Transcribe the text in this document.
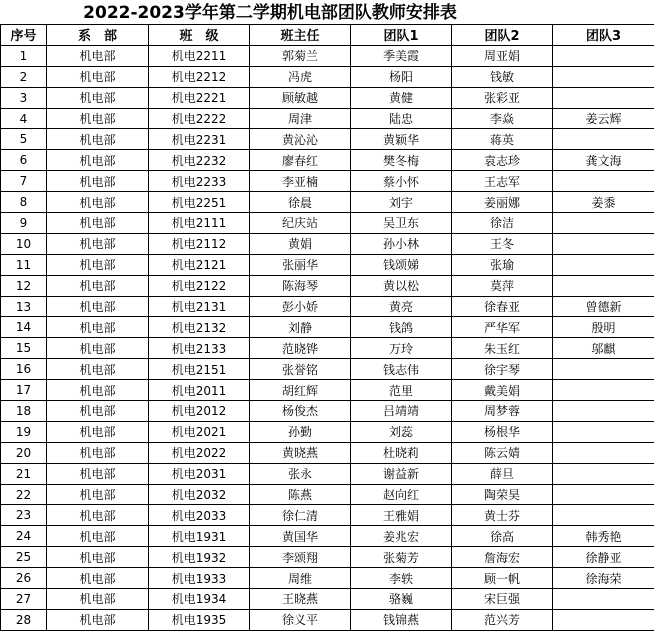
2022-2023学年第二学期机电部团队教师安排表
序号	系　部	班　级	班主任	团队1	团队2	团队3
1	机电部	机电2211	郭菊兰	季美霞	周亚娟	
2	机电部	机电2212	冯虎	杨阳	钱敏	
3	机电部	机电2221	顾敏越	黄健	张彩亚	
4	机电部	机电2222	周津	陆忠	李焱	姜云辉
5	机电部	机电2231	黄沁沁	黄颖华	蒋英	
6	机电部	机电2232	廖春红	樊冬梅	袁志珍	龚文海
7	机电部	机电2233	李亚楠	蔡小怀	王志军	
8	机电部	机电2251	徐晨	刘宇	姜丽娜	姜黍
9	机电部	机电2111	纪庆站	吴卫东	徐洁	
10	机电部	机电2112	黄娟	孙小林	王冬	
11	机电部	机电2121	张丽华	钱颂娣	张瑜	
12	机电部	机电2122	陈海琴	黄以松	莫萍	
13	机电部	机电2131	彭小娇	黄亮	徐春亚	曾德新
14	机电部	机电2132	刘静	钱鸽	严华军	殷明
15	机电部	机电2133	范晓铧	万玲	朱玉红	邬麒
16	机电部	机电2151	张誉铭	钱志伟	徐宇琴	
17	机电部	机电2011	胡红辉	范里	戴美娟	
18	机电部	机电2012	杨俊杰	吕靖靖	周梦蓉	
19	机电部	机电2021	孙勤	刘蕊	杨根华	
20	机电部	机电2022	黄晓燕	杜晓莉	陈云婧	
21	机电部	机电2031	张永	谢益新	薛旦	
22	机电部	机电2032	陈燕	赵向红	陶荣昊	
23	机电部	机电2033	徐仁清	王雅娟	黄士芬	
24	机电部	机电1931	黄国华	姜兆宏	徐高	韩秀艳
25	机电部	机电1932	李颂翔	张菊芳	詹海宏	徐静亚
26	机电部	机电1933	周维	李轶	顾一帆	徐海荣
27	机电部	机电1934	王晓燕	骆巍	宋巨强	
28	机电部	机电1935	徐义平	钱锦燕	范兴芳	
